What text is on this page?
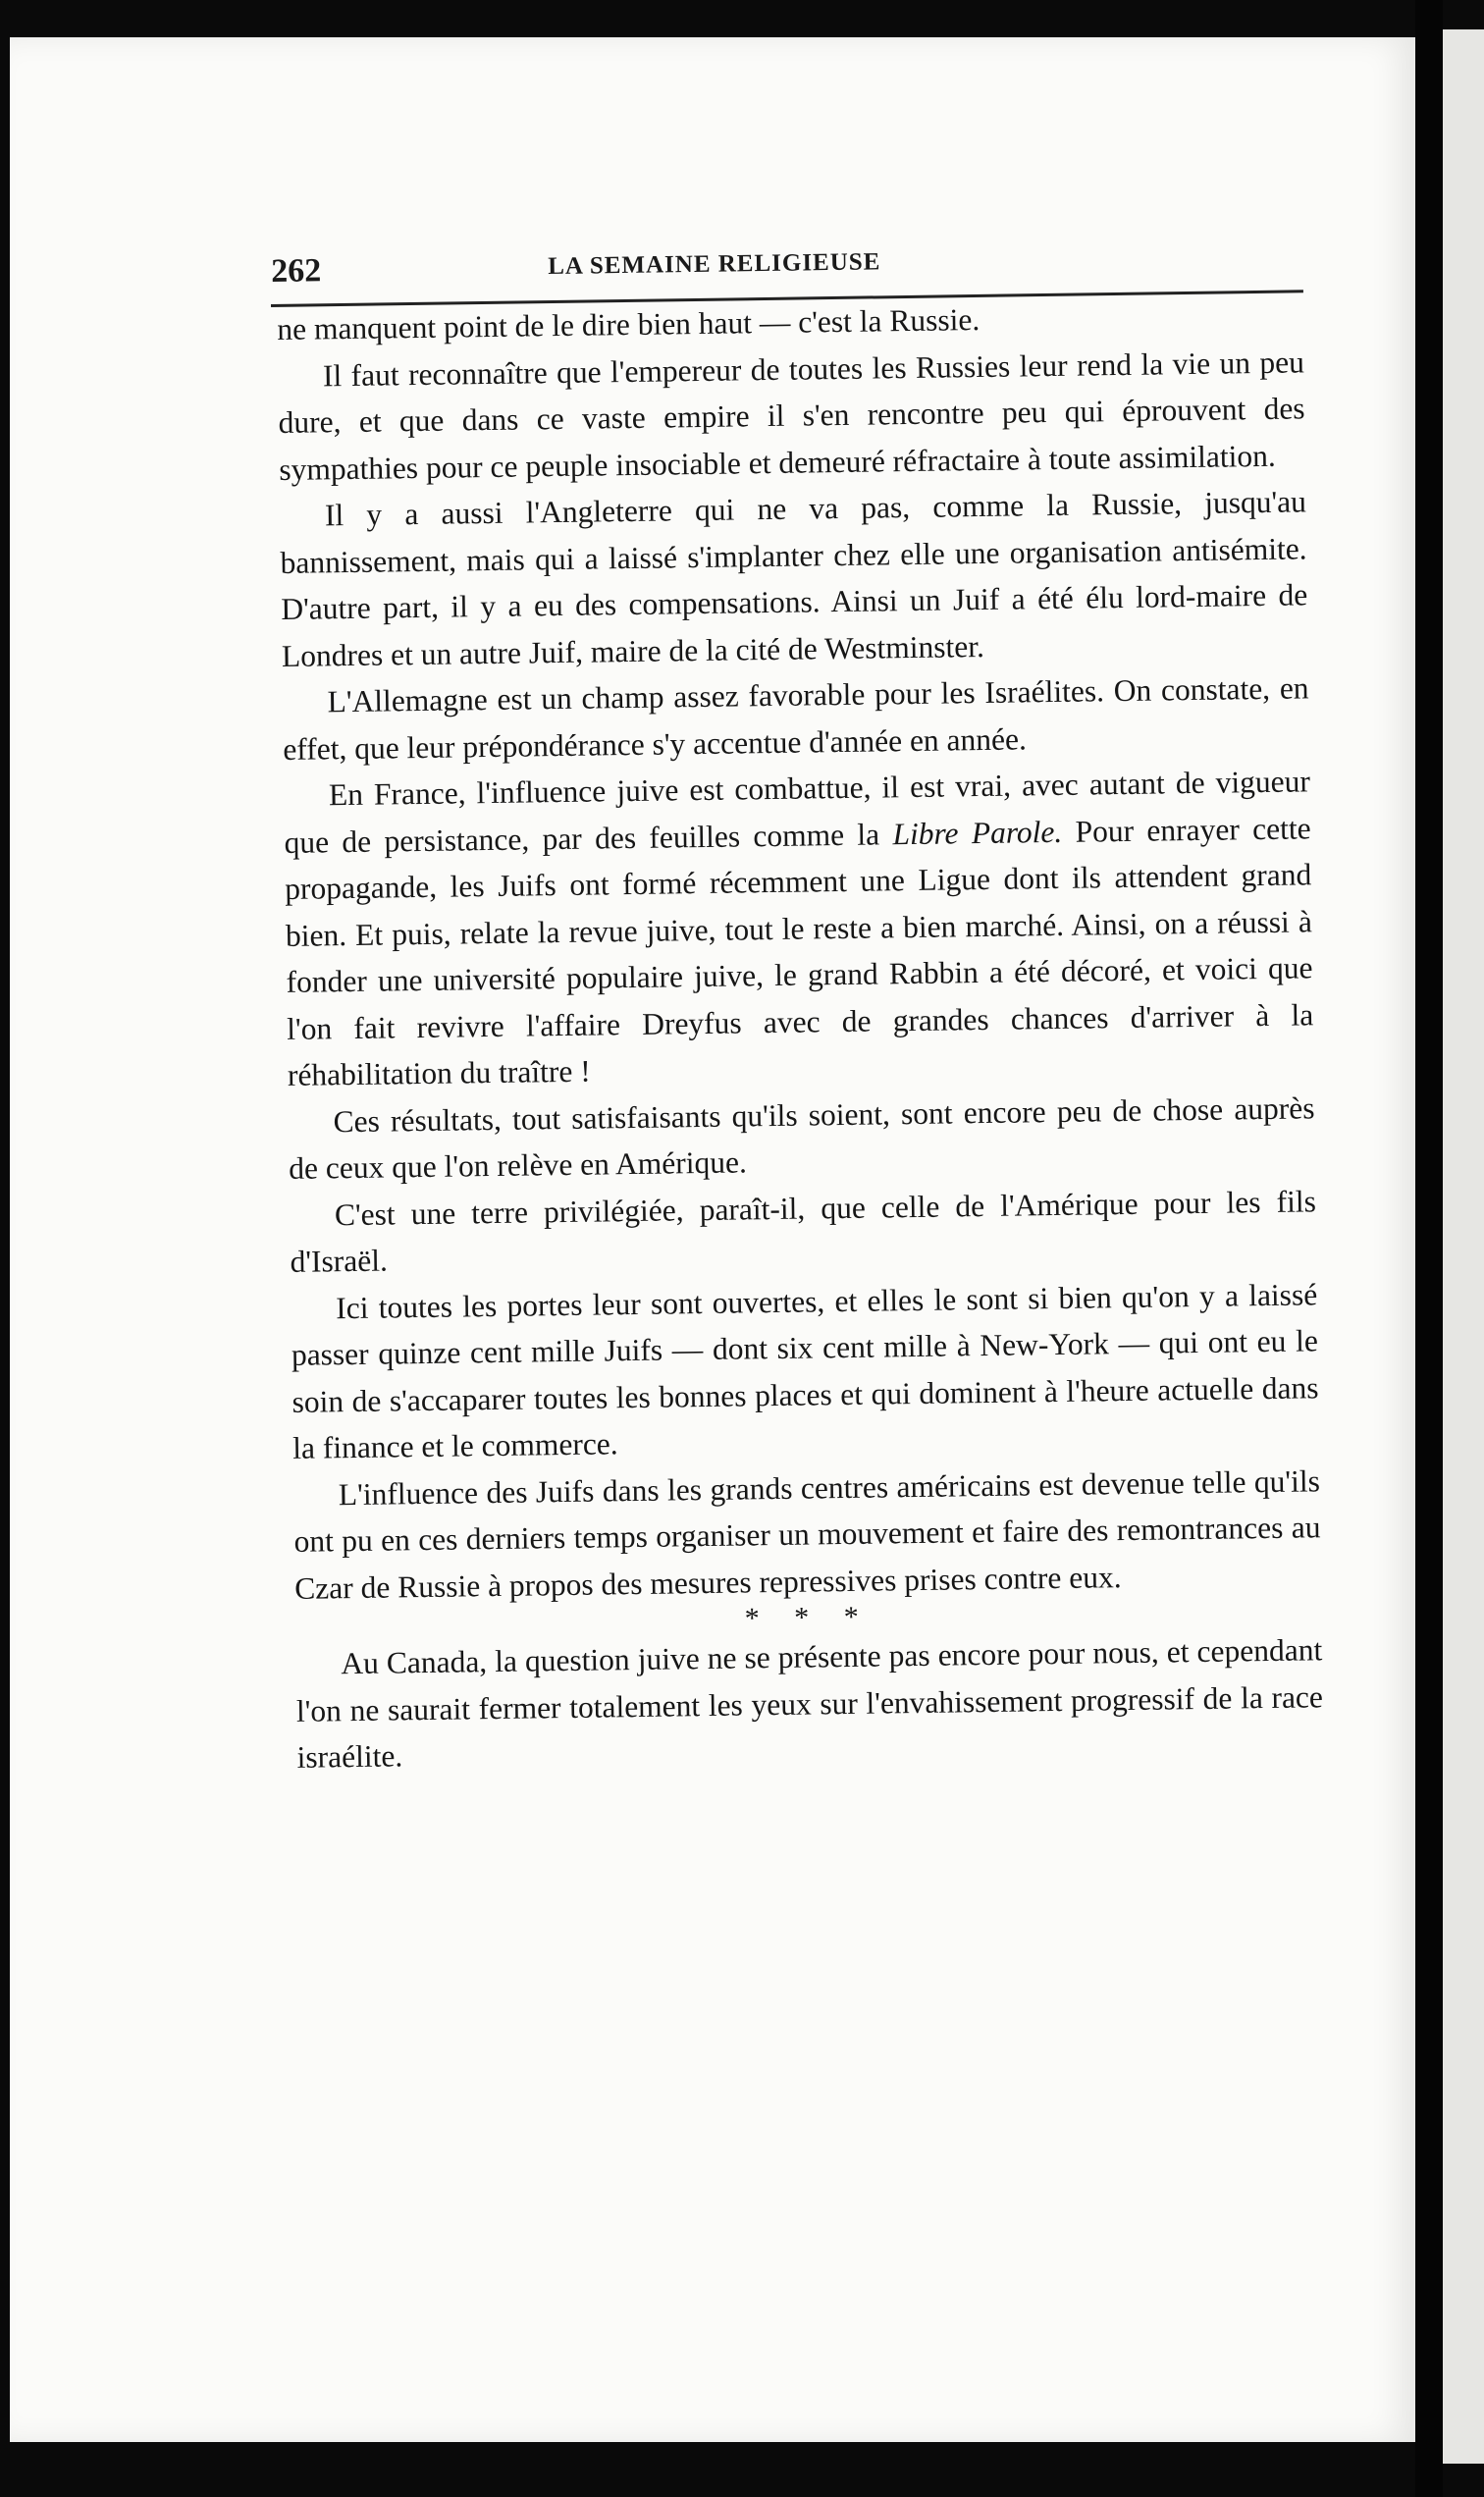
262	LA SEMAINE RELIGIEUSE

ne manquent point de le dire bien haut — c'est la Russie.

Il faut reconnaître que l'empereur de toutes les Russies leur rend la vie un peu dure, et que dans ce vaste empire il s'en rencontre peu qui éprouvent des sympathies pour ce peuple insociable et demeuré réfractaire à toute assimilation.

Il y a aussi l'Angleterre qui ne va pas, comme la Russie, jusqu'au bannissement, mais qui a laissé s'implanter chez elle une organisation antisémite. D'autre part, il y a eu des compensations. Ainsi un Juif a été élu lord-maire de Londres et un autre Juif, maire de la cité de Westminster.

L'Allemagne est un champ assez favorable pour les Israélites. On constate, en effet, que leur prépondérance s'y accentue d'année en année.

En France, l'influence juive est combattue, il est vrai, avec autant de vigueur que de persistance, par des feuilles comme la Libre Parole. Pour enrayer cette propagande, les Juifs ont formé récemment une Ligue dont ils attendent grand bien. Et puis, relate la revue juive, tout le reste a bien marché. Ainsi, on a réussi à fonder une université populaire juive, le grand Rabbin a été décoré, et voici que l'on fait revivre l'affaire Dreyfus avec de grandes chances d'arriver à la réhabilitation du traître !

Ces résultats, tout satisfaisants qu'ils soient, sont encore peu de chose auprès de ceux que l'on relève en Amérique.

C'est une terre privilégiée, paraît-il, que celle de l'Amérique pour les fils d'Israël.

Ici toutes les portes leur sont ouvertes, et elles le sont si bien qu'on y a laissé passer quinze cent mille Juifs — dont six cent mille à New-York — qui ont eu le soin de s'accaparer toutes les bonnes places et qui dominent à l'heure actuelle dans la finance et le commerce.

L'influence des Juifs dans les grands centres américains est devenue telle qu'ils ont pu en ces derniers temps organiser un mouvement et faire des remontrances au Czar de Russie à propos des mesures repressives prises contre eux.

* * *

Au Canada, la question juive ne se présente pas encore pour nous, et cependant l'on ne saurait fermer totalement les yeux sur l'envahissement progressif de la race israélite.
